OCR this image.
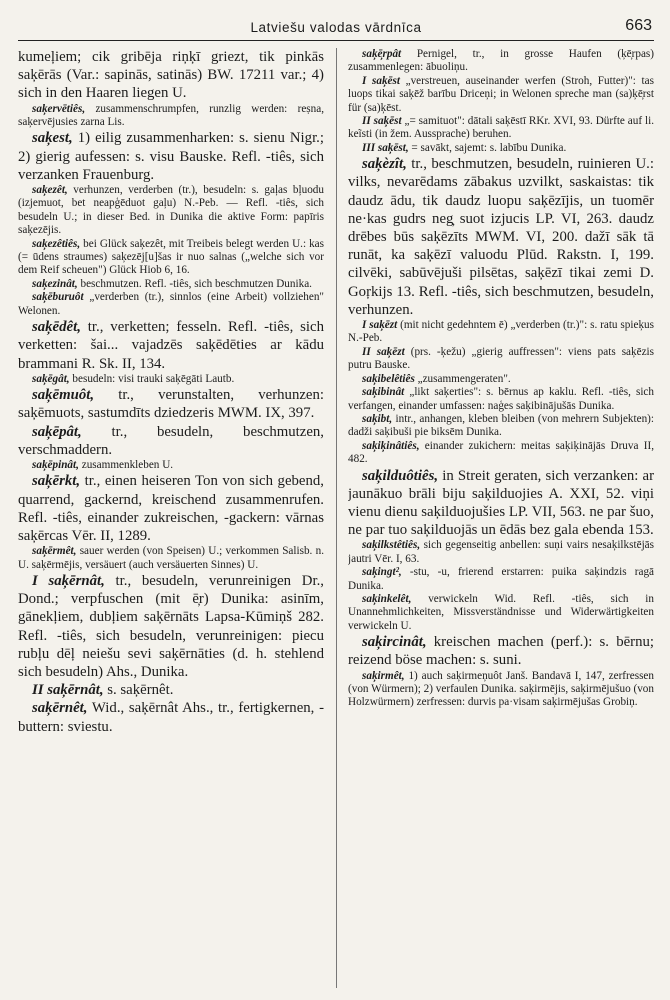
Latviešu valodas vārdnīca	663

kumeļiem; cik gribēja riņķī griezt, tik pinkās saķērās (Var.: sapinās, satinās) BW. 17211 var.; 4) sich in den Haaren liegen U.

saķervētiês, zusammenschrumpfen, runzlig werden: reṣna, saķervējusies zarna Lis.

saķest, 1) eilig zusammenharken: s. sienu Nigr.; 2) gierig aufessen: s. visu Bauske. Refl. -tiês, sich verzanken Frauenburg.

saķezêt, verhunzen, verderben (tr.), besudeln: s. gaļas bļuodu (izjemuot, bet neapģēduot gaļu) N.-Peb. — Refl. -tiês, sich besudeln U.; in dieser Bed. in Dunika die aktive Form: papīris saķezējis.

saķezêtiês, bei Glück saķezêt, mit Treibeis belegt werden U.: kas (= ūdens straumes) saķezēj[u]šas ir nuo salnas („welche sich vor dem Reif scheuen") Glück Hiob 6, 16.

saķezinât, beschmutzen. Refl. -tiês, sich beschmutzen Dunika.

saķēburuôt „verderben (tr.), sinnlos (eine Arbeit) vollziehen" Welonen.

saķēdêt, tr., verketten; fesseln. Refl. -tiês, sich verketten: šai... vajadzēs saķēdēties ar kādu brammani R. Sk. II, 134.

saķēgât, besudeln: visi trauki saķēgāti Lautb.

saķēmuôt, tr., verunstalten, verhunzen: saķēmuots, sastumdīts dziedzeris MWM. IX, 397.

saķēpât, tr., besudeln, beschmutzen, verschmaddern.

saķēpinât, zusammenkleben U.

saķērkt, tr., einen heiseren Ton von sich gebend, quarrend, gackernd, kreischend zusammenrufen. Refl. -tiês, einander zukreischen, -gackern: vārnas saķērcas Vēr. II, 1289.

saķērmêt, sauer werden (von Speisen) U.; verkommen Salisb. n. U. saķērmējis, versäuert (auch versäuerten Sinnes) U.

I saķērnât, tr., besudeln, verunreinigen Dr., Dond.; verpfuschen (mit ē̦r) Dunika: asinīm, gānekļiem, dubļiem saķērnāts Lapsa-Kūmiņš 282. Refl. -tiês, sich besudeln, verunreinigen: piecu rubļu dēļ neiešu sevi saķērnāties (d. h. stehlend sich besudeln) Ahs., Dunika.

II saķērnât, s. saķērnêt.

saķērnêt, Wid., saķērnât Ahs., tr., fertigkernen, -buttern: sviestu.

saķē̦rpât Pernigel, tr., in grosse Haufen (ķē̦rpas) zusammenlegen: ābuoliņu.

I saķēst „verstreuen, auseinander werfen (Stroh, Futter)": tas luops tikai saķēž barību Driceņi; in Welonen spreche man (sa)ķē̦rst für (sa)ķēst.

II saķēst „= samituot": dātali saķēstī RKr. XVI, 93. Dürfte auf li. keĩsti (in žem. Aussprache) beruhen.

III saķēst, = savākt, sajemt: s. labību Dunika.

saķèzît, tr., beschmutzen, besudeln, ruinieren U.: vilks, nevarēdams zābakus uzvilkt, saskaistas: tik daudz ādu, tik daudz luopu saķēzījis, un tuomēr ne·kas gudrs neg̦ suot izjucis LP. VI, 263. daudz drēbes būs saķēzīts MWM. VI, 200. dažī sāk tā runāt, ka saķēzī valuodu Plūd. Rakstn. I, 199. cilvēki, sabūvējuši pilsētas, saķēzī tikai zemi D. Goŗkijs 13. Refl. -tiês, sich beschmutzen, besudeln, verhunzen.

I saķēzt (mit nicht gedehntem ē) „verderben (tr.)": s. ratu spieķus N.-Peb.

II saķēzt (prs. -ķežu) „gierig auffressen": viens pats saķēzis putru Bauske.

saķibelêtiês „zusammengeraten".

saķibinât „likt saķerties": s. bērnus ap kaklu. Refl. -tiês, sich verfangen, einander umfassen: naģes saķibinājušās Dunika.

saķibt, intr., anhangen, kleben bleiben (von mehrern Subjekten): dadži saķibuši pie biksēm Dunika.

saķiķinâtiês, einander zukichern: meitas saķiķinājās Druva II, 482.

saķilduôtiês, in Streit geraten, sich verzanken: ar jaunākuo brāli biju saķilduojies A. XXI, 52. viņi vienu dienu saķilduojušies LP. VII, 563. ne par šuo, ne par tuo saķilduojās un ēdās bez gala ebenda 153.

saķilkstêtiês, sich gegenseitig anbellen: suņi vairs nesaķilkstējās jautri Vēr. I, 63.

saķingt², -stu, -u, frierend erstarren: puika saķindzis ragā Dunika.

saķinkelêt, verwickeln Wid. Refl. -tiês, sich in Unannehmlichkeiten, Missverständnisse und Widerwärtigkeiten verwickeln U.

saķircinât, kreischen machen (perf.): s. bērnu; reizend böse machen: s. suni.

saķirmêt, 1) auch saķirmeņuôt Janš. Bandavā I, 147, zerfressen (von Würmern); 2) verfaulen Dunika. saķirmējis, saķirmējušuo (von Holzwürmern) zerfressen: durvis pa·visam saķirmējušas Grobiņ.
